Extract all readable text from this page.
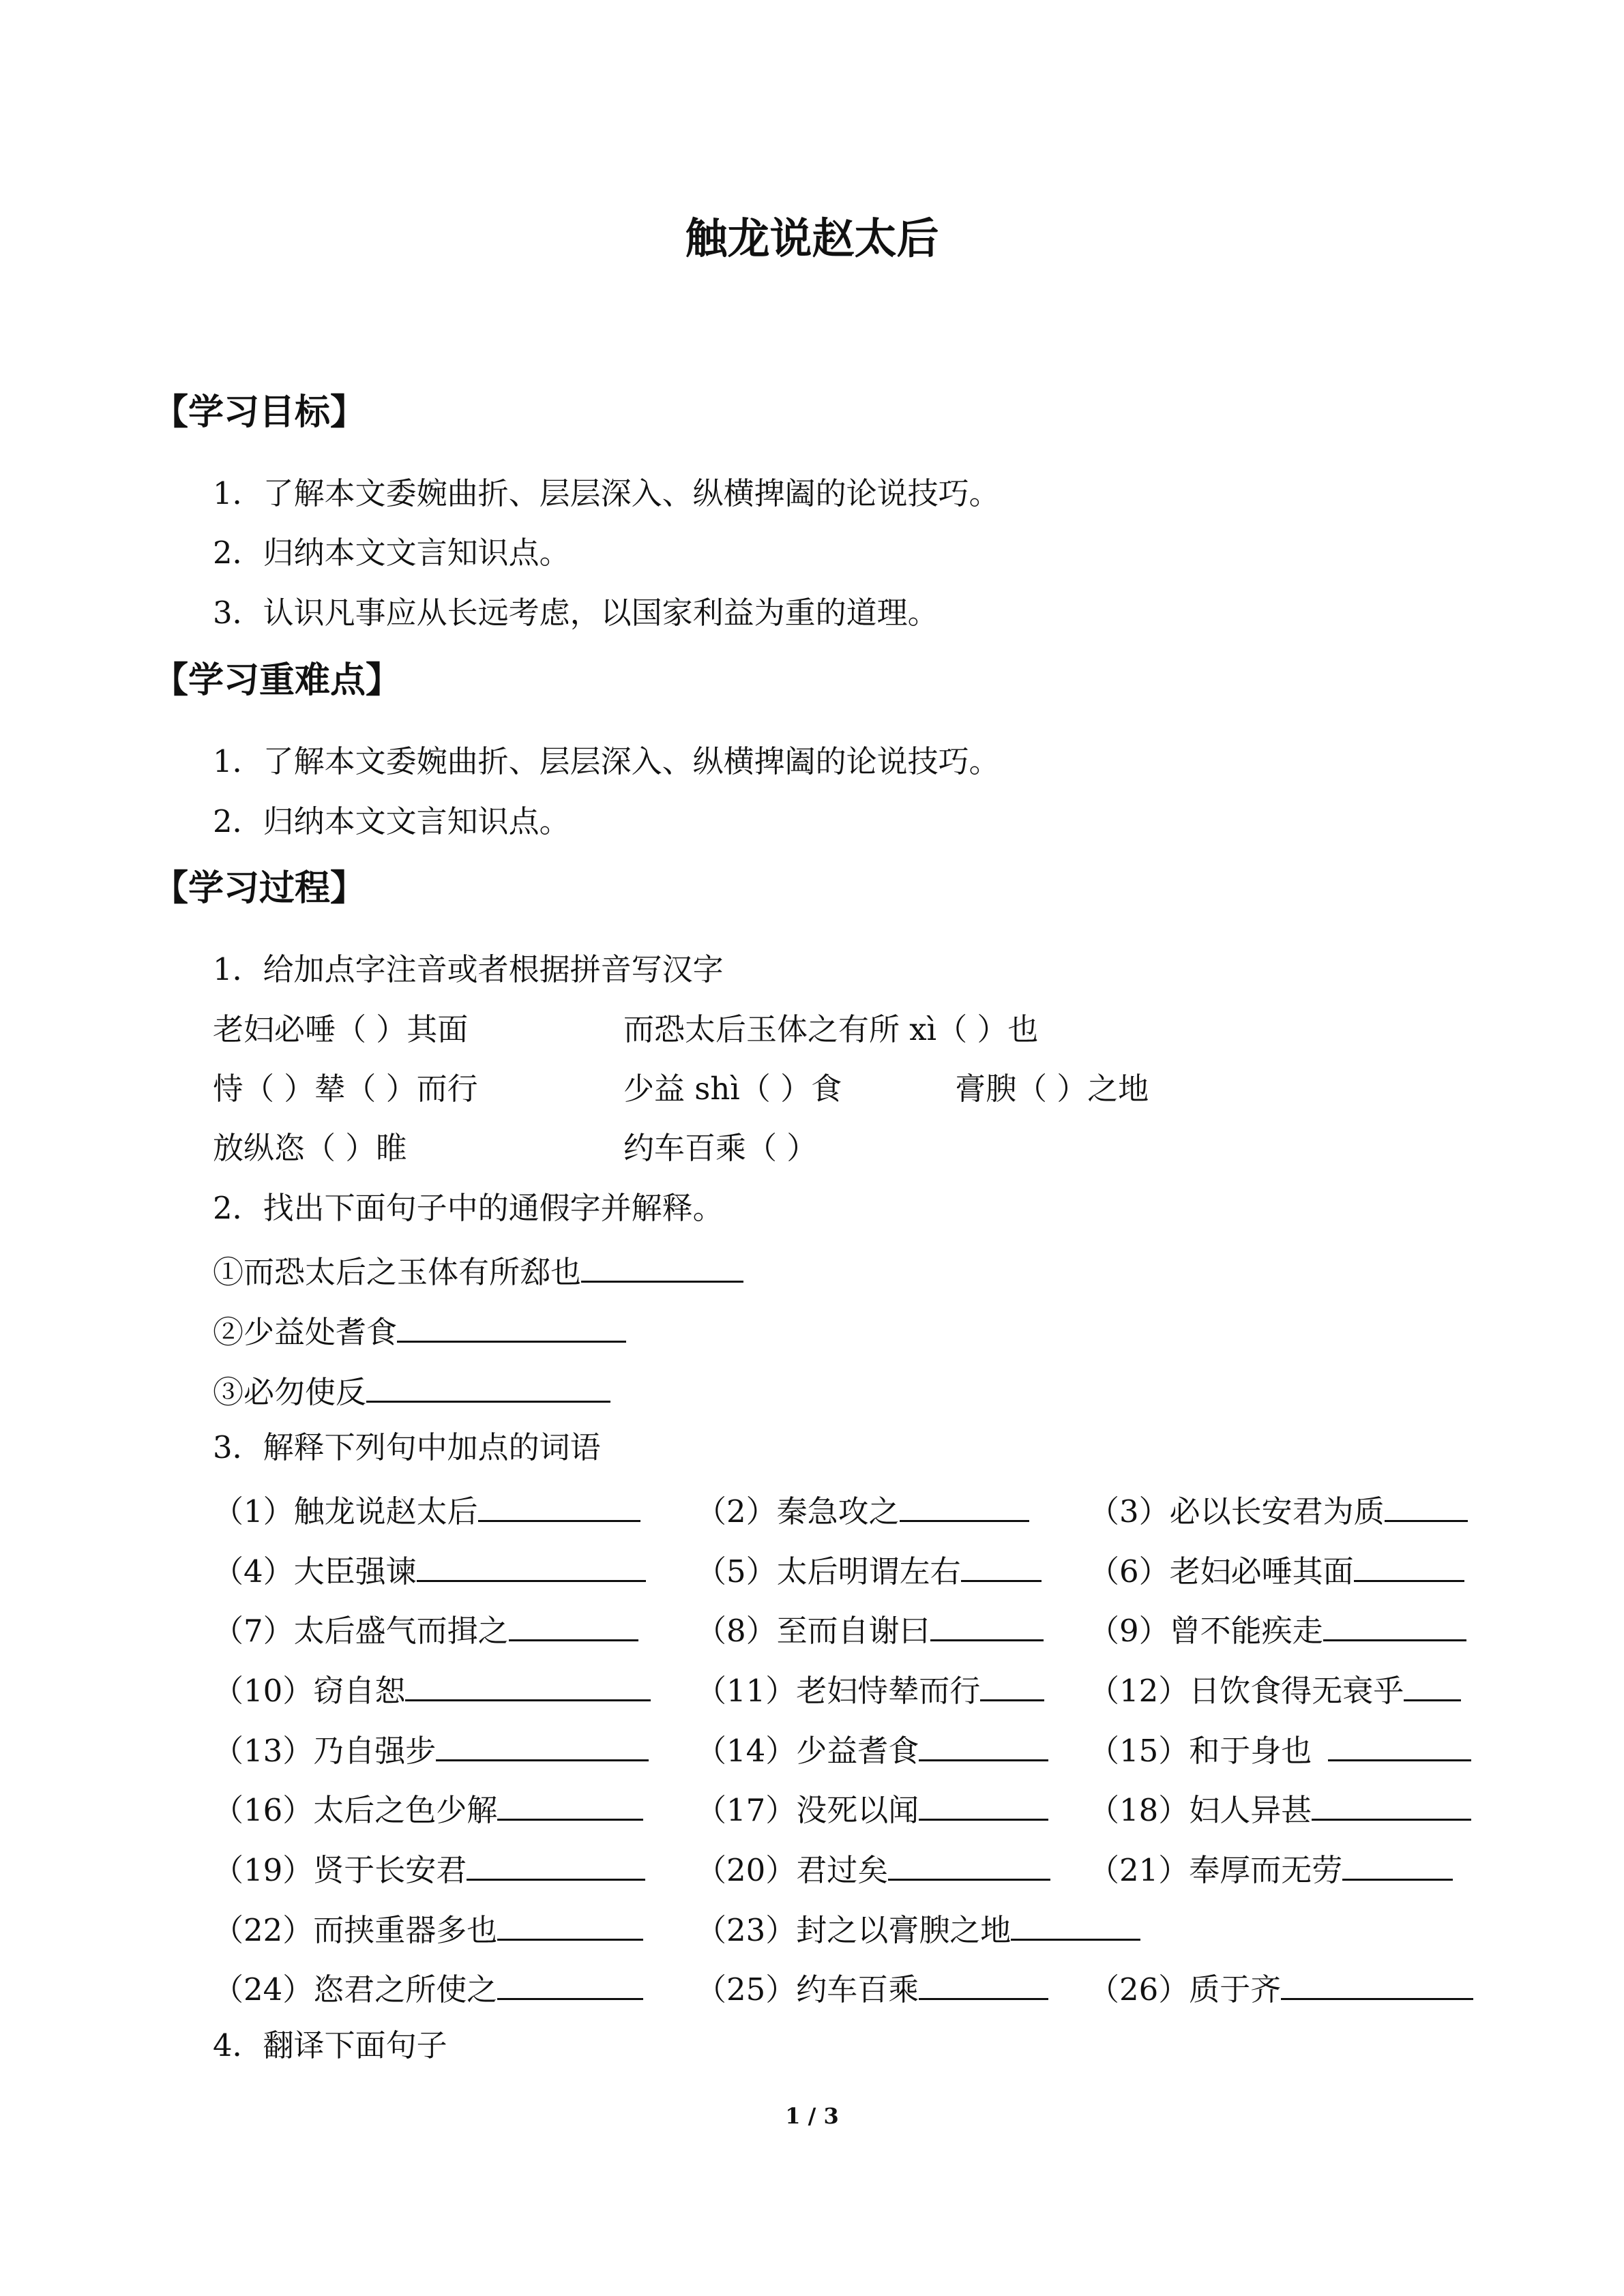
触龙说赵太后
【学习目标】
1．了解本文委婉曲折、层层深入、纵横捭阖的论说技巧。
2．归纳本文文言知识点。
3．认识凡事应从长远考虑，以国家利益为重的道理。
【学习重难点】
1．了解本文委婉曲折、层层深入、纵横捭阖的论说技巧。
2．归纳本文文言知识点。
【学习过程】
1．给加点字注音或者根据拼音写汉字
老妇必唾（ ）其面	而恐太后玉体之有所 xì（ ）也
恃（ ）辇（ ）而行	少益 shì（ ）食	膏腴（ ）之地
放纵恣（ ）睢	约车百乘（ ）
2．找出下面句子中的通假字并解释。
①而恐太后之玉体有所郄也
②少益处耆食
③必勿使反
3．解释下列句中加点的词语
（1）触龙说赵太后	（2）秦急攻之	（3）必以长安君为质
（4）大臣强谏	（5）太后明谓左右	（6）老妇必唾其面
（7）太后盛气而揖之	（8）至而自谢曰	（9）曾不能疾走
（10）窃自恕	（11）老妇恃辇而行	（12）日饮食得无衰乎
（13）乃自强步	（14）少益耆食	（15）和于身也
（16）太后之色少解	（17）没死以闻	（18）妇人异甚
（19）贤于长安君	（20）君过矣	（21）奉厚而无劳
（22）而挟重器多也	（23）封之以膏腴之地
（24）恣君之所使之	（25）约车百乘	（26）质于齐
4．翻译下面句子
1 / 3
